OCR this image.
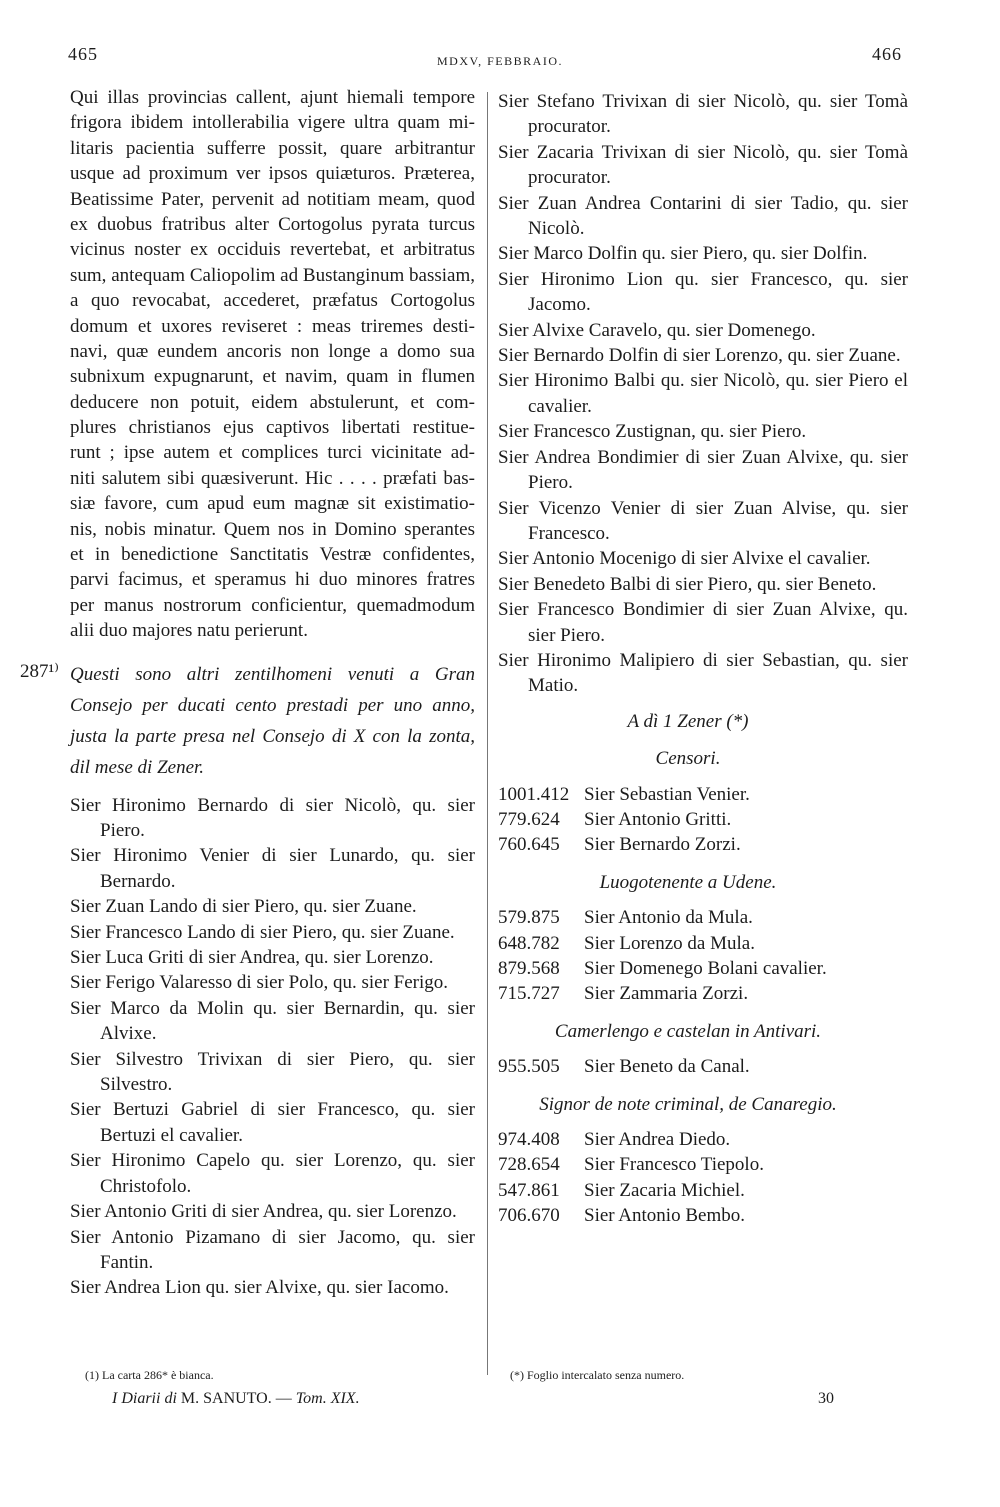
465	MDXV, FEBBRAIO.	466
Qui illas provincias callent, ajunt hiemali tempore
frigora ibidem intollerabilia vigere ultra quam mi-
litaris pacientia sufferre possit, quare arbitrantur
usque ad proximum ver ipsos quiæturos. Præterea,
Beatissime Pater, pervenit ad notitiam meam, quod
ex duobus fratribus alter Cortogolus pyrata turcus
vicinus noster ex occiduis revertebat, et arbitratus
sum, antequam Caliopolim ad Bustanginum bassiam,
a quo revocabat, accederet, præfatus Cortogolus
domum et uxores reviseret : meas triremes desti-
navi, quæ eundem ancoris non longe a domo sua
subnixum expugnarunt, et navim, quam in flumen
deducere non potuit, eidem abstulerunt, et com-
plures christianos ejus captivos libertati restitue-
runt ; ipse autem et complices turci vicinitate ad-
niti salutem sibi quæsiverunt. Hic . . . . præfati bas-
siæ favore, cum apud eum magnæ sit existimatio-
nis, nobis minatur. Quem nos in Domino sperantes
et in benedictione Sanctitatis Vestræ confidentes,
parvi facimus, et speramus hi duo minores fratres
per manus nostrorum conficientur, quemadmodum
alii duo majores natu perierunt.
287¹⁾ Questi sono altri zentilhomeni venuti a Gran Consejo per ducati cento prestadi per uno anno, justa la parte presa nel Consejo di X con la zonta, dil mese di Zener.

Sier Hironimo Bernardo di sier Nicolò, qu. sier Piero.

Sier Hironimo Venier di sier Lunardo, qu. sier Bernardo.

Sier Zuan Lando di sier Piero, qu. sier Zuane.

Sier Francesco Lando di sier Piero, qu. sier Zuane.

Sier Luca Griti di sier Andrea, qu. sier Lorenzo.

Sier Ferigo Valaresso di sier Polo, qu. sier Ferigo.

Sier Marco da Molin qu. sier Bernardin, qu. sier Alvixe.

Sier Silvestro Trivixan di sier Piero, qu. sier Silvestro.

Sier Bertuzi Gabriel di sier Francesco, qu. sier Bertuzi el cavalier.

Sier Hironimo Capelo qu. sier Lorenzo, qu. sier Christofolo.

Sier Antonio Griti di sier Andrea, qu. sier Lorenzo.

Sier Antonio Pizamano di sier Jacomo, qu. sier Fantin.

Sier Andrea Lion qu. sier Alvixe, qu. sier Iacomo.

Sier Stefano Trivixan di sier Nicolò, qu. sier Tomà procurator.

Sier Zacaria Trivixan di sier Nicolò, qu. sier Tomà procurator.

Sier Zuan Andrea Contarini di sier Tadio, qu. sier Nicolò.

Sier Marco Dolfin qu. sier Piero, qu. sier Dolfin.

Sier Hironimo Lion qu. sier Francesco, qu. sier Jacomo.

Sier Alvixe Caravelo, qu. sier Domenego.

Sier Bernardo Dolfin di sier Lorenzo, qu. sier Zuane.

Sier Hironimo Balbi qu. sier Nicolò, qu. sier Piero el cavalier.

Sier Francesco Zustignan, qu. sier Piero.

Sier Andrea Bondimier di sier Zuan Alvixe, qu. sier Piero.

Sier Vicenzo Venier di sier Zuan Alvise, qu. sier Francesco.

Sier Antonio Mocenigo di sier Alvixe el cavalier.

Sier Benedeto Balbi di sier Piero, qu. sier Beneto.

Sier Francesco Bondimier di sier Zuan Alvixe, qu. sier Piero.

Sier Hironimo Malipiero di sier Sebastian, qu. sier Matio.

A dì 1 Zener (*)

Censori.

1001.412 Sier Sebastian Venier.
779.624	Sier Antonio Gritti.
760.645	Sier Bernardo Zorzi.

Luogotenente a Udene.

579.875	Sier Antonio da Mula.
648.782	Sier Lorenzo da Mula.
879.568	Sier Domenego Bolani cavalier.
715.727	Sier Zammaria Zorzi.

Camerlengo e castelan in Antivari.

955.505	Sier Beneto da Canal.

Signor de note criminal, de Canaregio.

974.408	Sier Andrea Diedo.
728.654	Sier Francesco Tiepolo.
547.861	Sier Zacaria Michiel.
706.670	Sier Antonio Bembo.
(1) La carta 286* è bianca.	(*) Foglio intercalato senza numero.
I Diarii di M. SANUTO. — Tom. XIX.	30
